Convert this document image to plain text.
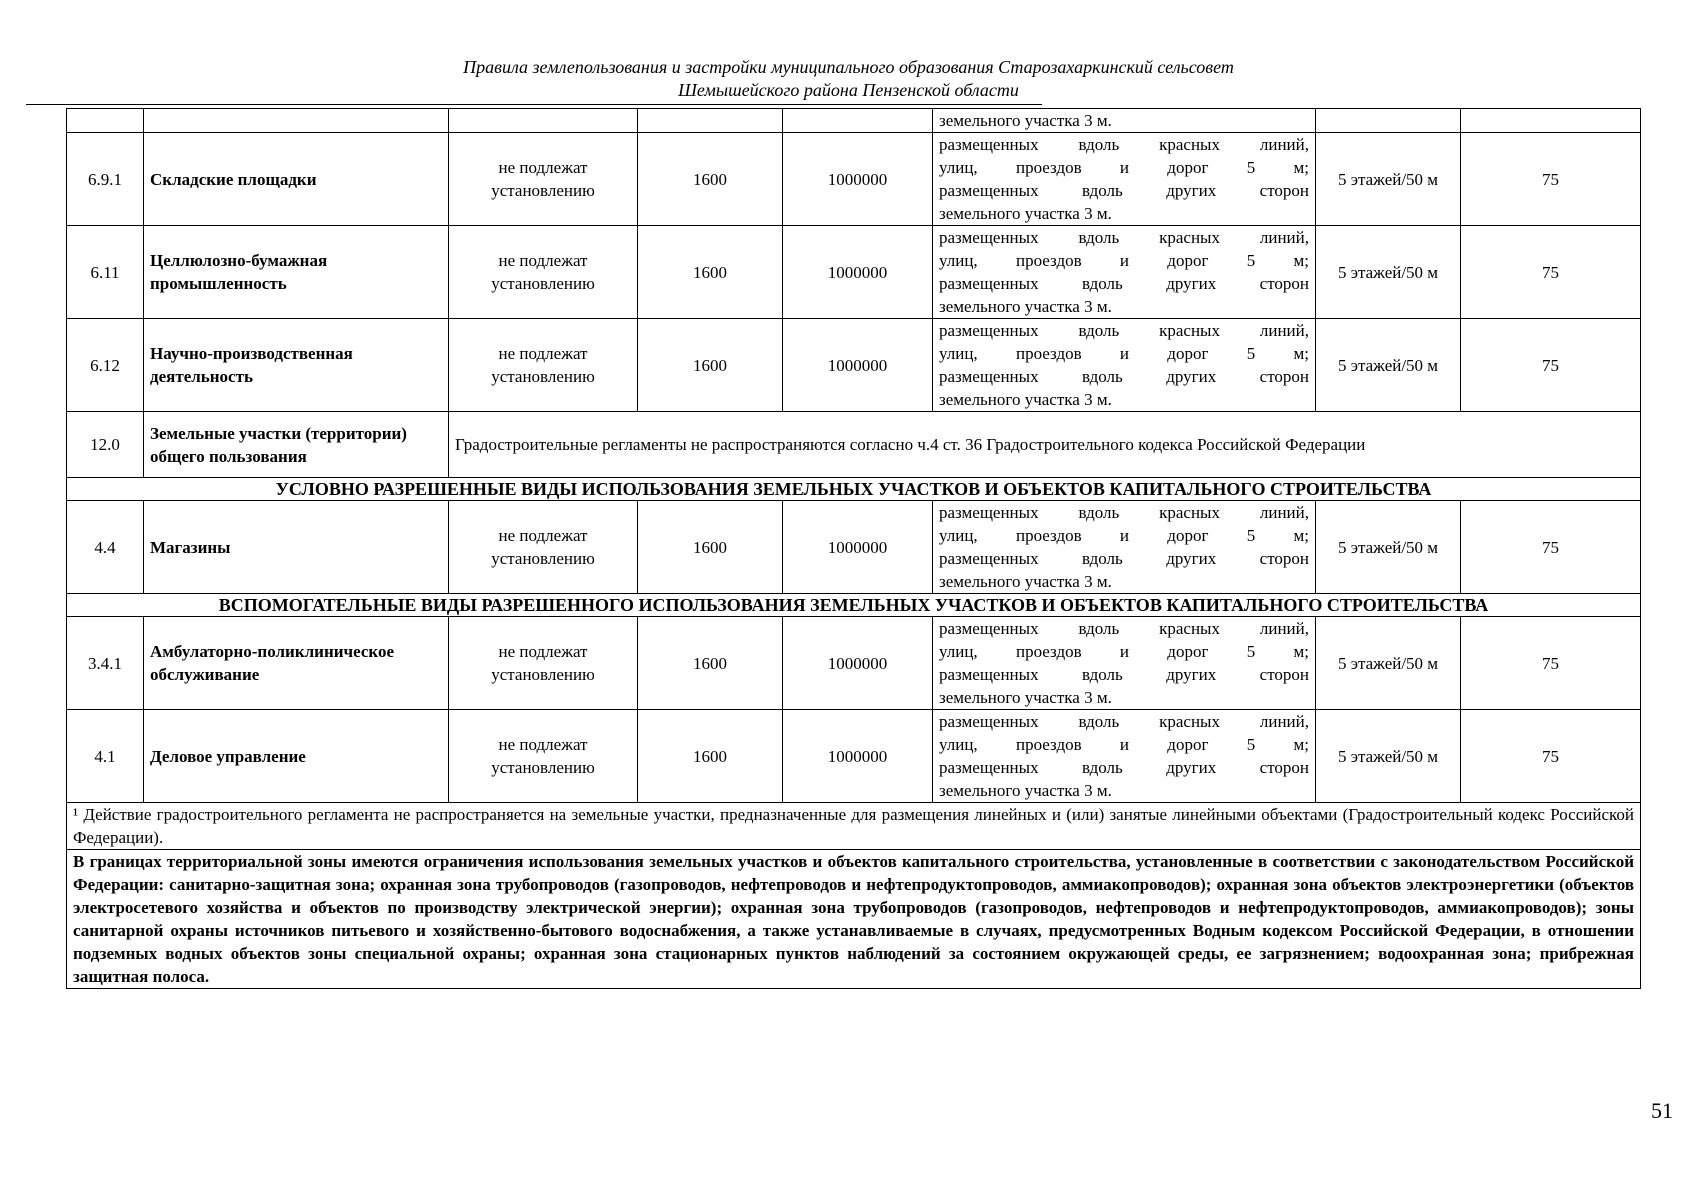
Правила землепользования и застройки муниципального образования Старозахаркинский сельсовет
Шемышейского района Пензенской области

					земельного участка 3 м.		

6.9.1	Складские площадки	не подлежат установлению	1600	1000000	размещенных вдоль красных линий,
улиц, проездов и дорог 5 м;
размещенных вдоль других сторон
земельного участка 3 м.	5 этажей/50 м	75
6.11	Целлюлозно-бумажная промышленность	не подлежат установлению	1600	1000000	размещенных вдоль красных линий,
улиц, проездов и дорог 5 м;
размещенных вдоль других сторон
земельного участка 3 м.	5 этажей/50 м	75
6.12	Научно-производственная деятельность	не подлежат установлению	1600	1000000	размещенных вдоль красных линий,
улиц, проездов и дорог 5 м;
размещенных вдоль других сторон
земельного участка 3 м.	5 этажей/50 м	75
12.0	Земельные участки (территории) общего пользования	Градостроительные регламенты не распространяются согласно ч.4 ст. 36 Градостроительного кодекса Российской Федерации					
УСЛОВНО РАЗРЕШЕННЫЕ ВИДЫ ИСПОЛЬЗОВАНИЯ ЗЕМЕЛЬНЫХ УЧАСТКОВ И ОБЪЕКТОВ КАПИТАЛЬНОГО СТРОИТЕЛЬСТВА							
4.4	Магазины	не подлежат установлению	1600	1000000	размещенных вдоль красных линий,
улиц, проездов и дорог 5 м;
размещенных вдоль других сторон
земельного участка 3 м.	5 этажей/50 м	75
ВСПОМОГАТЕЛЬНЫЕ ВИДЫ РАЗРЕШЕННОГО ИСПОЛЬЗОВАНИЯ ЗЕМЕЛЬНЫХ УЧАСТКОВ И ОБЪЕКТОВ КАПИТАЛЬНОГО СТРОИТЕЛЬСТВА							
3.4.1	Амбулаторно-поликлиническое обслуживание	не подлежат установлению	1600	1000000	размещенных вдоль красных линий,
улиц, проездов и дорог 5 м;
размещенных вдоль других сторон
земельного участка 3 м.	5 этажей/50 м	75
4.1	Деловое управление	не подлежат установлению	1600	1000000	размещенных вдоль красных линий,
улиц, проездов и дорог 5 м;
размещенных вдоль других сторон
земельного участка 3 м.	5 этажей/50 м	75
¹ Действие градостроительного регламента не распространяется на земельные участки, предназначенные для размещения линейных и (или) занятые линейными объектами (Градостроительный кодекс Российской Федерации).							
В границах территориальной зоны имеются ограничения использования земельных участков и объектов капитального строительства, установленные в соответствии с законодательством Российской Федерации: санитарно-защитная зона; охранная зона трубопроводов (газопроводов, нефтепроводов и нефтепродуктопроводов, аммиакопроводов); охранная зона объектов электроэнергетики (объектов электросетевого хозяйства и объектов по производству электрической энергии); охранная зона трубопроводов (газопроводов, нефтепроводов и нефтепродуктопроводов, аммиакопроводов); зоны санитарной охраны источников питьевого и хозяйственно-бытового водоснабжения, а также устанавливаемые в случаях, предусмотренных Водным кодексом Российской Федерации, в отношении подземных водных объектов зоны специальной охраны; охранная зона стационарных пунктов наблюдений за состоянием окружающей среды, ее загрязнением; водоохранная зона; прибрежная защитная полоса.							
51
